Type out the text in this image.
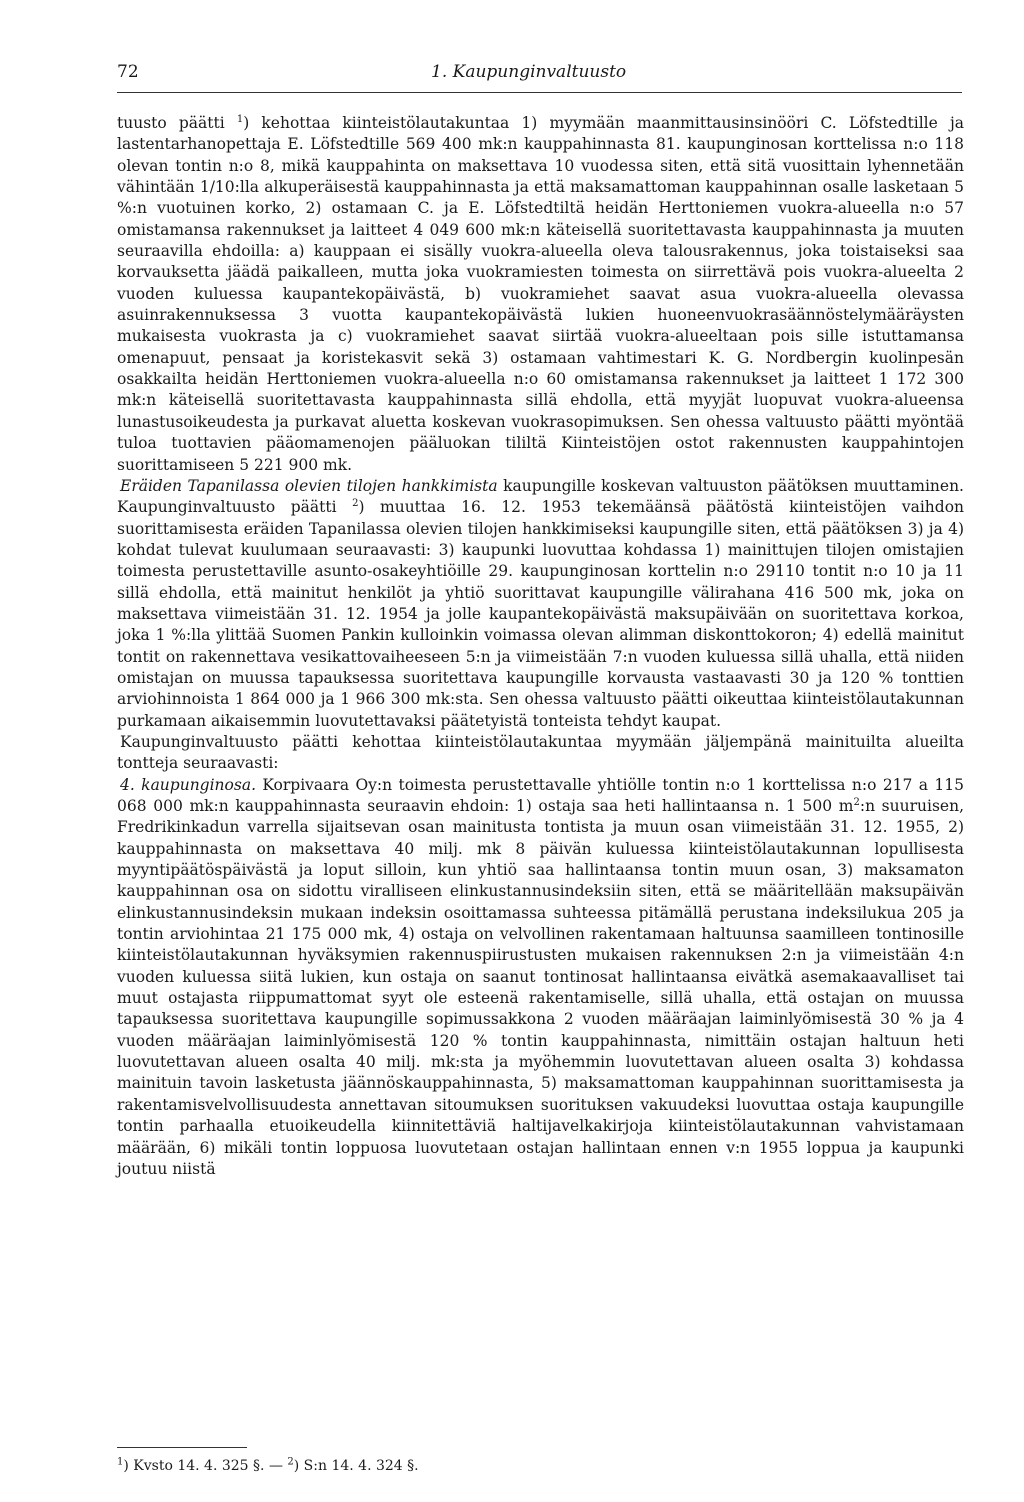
72	1. Kaupunginvaltuusto

tuusto päätti $^1$) kehottaa kiinteistölautakuntaa 1) myymään maanmittausinsinööri C. Löfstedtille ja lastentarhanopettaja E. Löfstedtille 569 400 mk:n kauppahinnasta 81. kaupunginosan korttelissa n:o 118 olevan tontin n:o 8, mikä kauppahinta on maksettava 10 vuodessa siten, että sitä vuosittain lyhennetään vähintään 1/10:lla alkuperäisestä kauppahinnasta ja että maksamattoman kauppahinnan osalle lasketaan 5 %:n vuotuinen korko, 2) ostamaan C. ja E. Löfstedtiltä heidän Herttoniemen vuokra-alueella n:o 57 omistamansa rakennukset ja laitteet 4 049 600 mk:n käteisellä suoritettavasta kauppahinnasta ja muuten seuraavilla ehdoilla: a) kauppaan ei sisälly vuokra-alueella oleva talousrakennus, joka toistaiseksi saa korvauksetta jäädä paikalleen, mutta joka vuokramiesten toimesta on siirrettävä pois vuokra-alueelta 2 vuoden kuluessa kaupantekopäivästä, b) vuokramiehet saavat asua vuokra-alueella olevassa asuinrakennuksessa 3 vuotta kaupantekopäivästä lukien huoneenvuokrasäännöstelymääräysten mukaisesta vuokrasta ja c) vuokramiehet saavat siirtää vuokra-alueeltaan pois sille istuttamansa omenapuut, pensaat ja koristekasvit sekä 3) ostamaan vahtimestari K. G. Nordbergin kuolinpesän osakkailta heidän Herttoniemen vuokra-alueella n:o 60 omistamansa rakennukset ja laitteet 1 172 300 mk:n käteisellä suoritettavasta kauppahinnasta sillä ehdolla, että myyjät luopuvat vuokra-alueensa lunastusoikeudesta ja purkavat aluetta koskevan vuokrasopimuksen. Sen ohessa valtuusto päätti myöntää tuloa tuottavien pääomamenojen pääluokan tililtä Kiinteistöjen ostot rakennusten kauppahintojen suorittamiseen 5 221 900 mk.

Eräiden Tapanilassa olevien tilojen hankkimista kaupungille koskevan valtuuston päätöksen muuttaminen. Kaupunginvaltuusto päätti $^2$) muuttaa 16. 12. 1953 tekemäänsä päätöstä kiinteistöjen vaihdon suorittamisesta eräiden Tapanilassa olevien tilojen hankkimiseksi kaupungille siten, että päätöksen 3) ja 4) kohdat tulevat kuulumaan seuraavasti: 3) kaupunki luovuttaa kohdassa 1) mainittujen tilojen omistajien toimesta perustettaville asunto-osakeyhtiöille 29. kaupunginosan korttelin n:o 29110 tontit n:o 10 ja 11 sillä ehdolla, että mainitut henkilöt ja yhtiö suorittavat kaupungille välirahana 416 500 mk, joka on maksettava viimeistään 31. 12. 1954 ja jolle kaupantekopäivästä maksupäivään on suoritettava korkoa, joka 1 %:lla ylittää Suomen Pankin kulloinkin voimassa olevan alimman diskonttokoron; 4) edellä mainitut tontit on rakennettava vesikattovaiheeseen 5:n ja viimeistään 7:n vuoden kuluessa sillä uhalla, että niiden omistajan on muussa tapauksessa suoritettava kaupungille korvausta vastaavasti 30 ja 120 % tonttien arviohinnoista 1 864 000 ja 1 966 300 mk:sta. Sen ohessa valtuusto päätti oikeuttaa kiinteistölautakunnan purkamaan aikaisemmin luovutettavaksi päätetyistä tonteista tehdyt kaupat.

Kaupunginvaltuusto päätti kehottaa kiinteistölautakuntaa myymään jäljempänä mainituilta alueilta tontteja seuraavasti:

4. kaupunginosa. Korpivaara Oy:n toimesta perustettavalle yhtiölle tontin n:o 1 korttelissa n:o 217 a 115 068 000 mk:n kauppahinnasta seuraavin ehdoin: 1) ostaja saa heti hallintaansa n. 1 500 $m^2:n$ suuruisen, Fredrikinkadun varrella sijaitsevan osan mainitusta tontista ja muun osan viimeistään 31. 12. 1955, 2) kauppahinnasta on maksettava 40 milj. mk 8 päivän kuluessa kiinteistölautakunnan lopullisesta myyntipäätöspäivästä ja loput silloin, kun yhtiö saa hallintaansa tontin muun osan, 3) maksamaton kauppahinnan osa on sidottu viralliseen elinkustannusindeksiin siten, että se määritellään maksupäivän elinkustannusindeksin mukaan indeksin osoittamassa suhteessa pitämällä perustana indeksilukua 205 ja tontin arviohintaa 21 175 000 mk, 4) ostaja on velvollinen rakentamaan haltuunsa saamilleen tontinosille kiinteistölautakunnan hyväksymien rakennuspiirustusten mukaisen rakennuksen 2:n ja viimeistään 4:n vuoden kuluessa siitä lukien, kun ostaja on saanut tontinosat hallintaansa eivätkä asemakaavalliset tai muut ostajasta riippumattomat syyt ole esteenä rakentamiselle, sillä uhalla, että ostajan on muussa tapauksessa suoritettava kaupungille sopimussakkona 2 vuoden määräajan laiminlyömisestä 30 % ja 4 vuoden määräajan laiminlyömisestä 120 % tontin kauppahinnasta, nimittäin ostajan haltuun heti luovutettavan alueen osalta 40 milj. mk:sta ja myöhemmin luovutettavan alueen osalta 3) kohdassa mainituin tavoin lasketusta jäännöskauppahinnasta, 5) maksamattoman kauppahinnan suorittamisesta ja rakentamisvelvollisuudesta annettavan sitoumuksen suorituksen vakuudeksi luovuttaa ostaja kaupungille tontin parhaalla etuoikeudella kiinnitettäviä haltijavelkakirjoja kiinteistölautakunnan vahvistamaan määrään, 6) mikäli tontin loppuosa luovutetaan ostajan hallintaan ennen v:n 1955 loppua ja kaupunki joutuu niistä

$^1$) Kvsto 14. 4. 325 §. — $^2$) S:n 14. 4. 324 §.
